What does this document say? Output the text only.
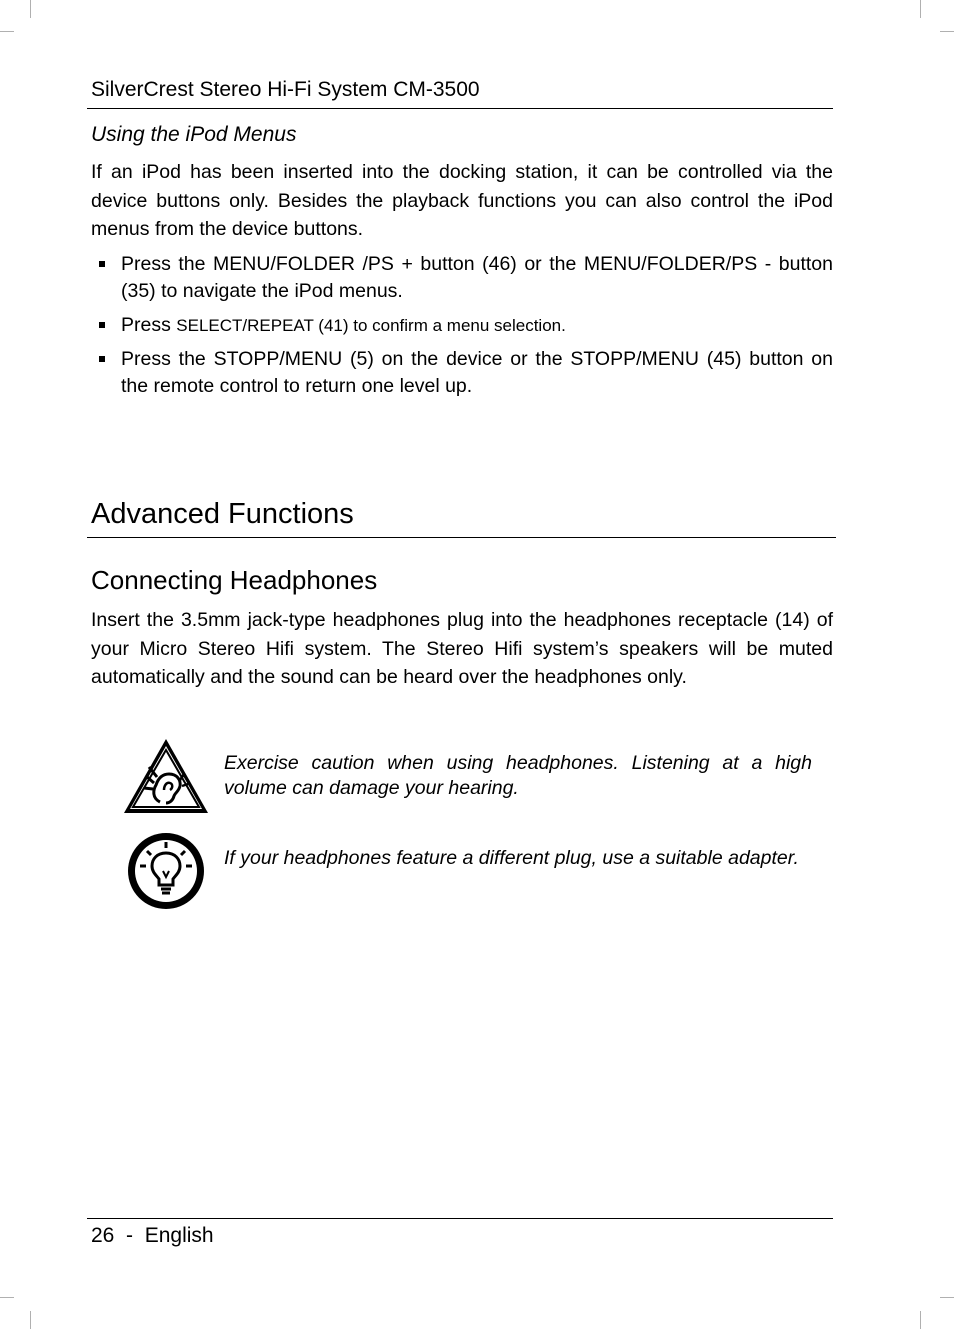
SilverCrest Stereo Hi-Fi System CM-3500
Using the iPod Menus

If an iPod has been inserted into the docking station, it can be controlled via the device buttons only. Besides the playback functions you can also control the iPod menus from the device buttons.

Press the MENU/FOLDER /PS + button (46) or the MENU/FOLDER/PS - button (35) to navigate the iPod menus.
Press SELECT/REPEAT (41) to confirm a menu selection.
Press the STOPP/MENU (5) on the device or the STOPP/MENU (45) button on the remote control to return one level up.
Advanced Functions
Connecting Headphones

Insert the 3.5mm jack-type headphones plug into the headphones receptacle (14) of your Micro Stereo Hifi system. The Stereo Hifi system’s speakers will be muted automatically and the sound can be heard over the headphones only.

Exercise caution when using headphones. Listening at a high volume can damage your hearing.
If your headphones feature a different plug, use a suitable adapter.
26  -  English
